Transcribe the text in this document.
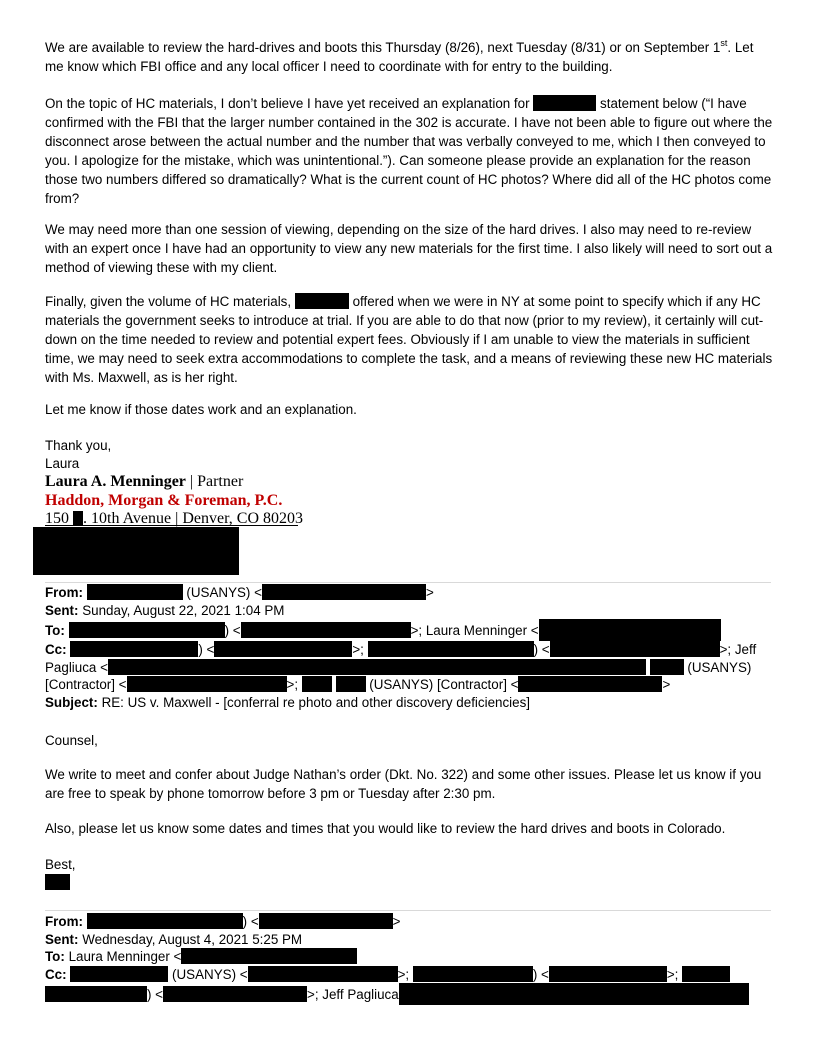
We are available to review the hard-drives and boots this Thursday (8/26), next Tuesday (8/31) or on September 1st. Let me know which FBI office and any local officer I need to coordinate with for entry to the building.

On the topic of HC materials, I don’t believe I have yet received an explanation for	statement below (“I have confirmed with the FBI that the larger number contained in the 302 is accurate. I have not been able to figure out where the disconnect arose between the actual number and the number that was verbally conveyed to me, which I then conveyed to you. I apologize for the mistake, which was unintentional.”). Can someone please provide an explanation for the reason those two numbers differed so dramatically? What is the current count of HC photos? Where did all of the HC photos come from?

We may need more than one session of viewing, depending on the size of the hard drives. I also may need to re-review with an expert once I have had an opportunity to view any new materials for the first time. I also likely will need to sort out a method of viewing these with my client.

Finally, given the volume of HC materials,	offered when we were in NY at some point to specify which if any HC materials the government seeks to introduce at trial. If you are able to do that now (prior to my review), it certainly will cut-down on the time needed to review and potential expert fees. Obviously if I am unable to view the materials in sufficient time, we may need to seek extra accommodations to complete the task, and a means of reviewing these new HC materials with Ms. Maxwell, as is her right.

Let me know if those dates work and an explanation.

Thank you,

Laura

Laura A. Menninger | Partner
Haddon, Morgan & Foreman, P.C.
150 . 10th Avenue | Denver, CO 80203

From:	(USANYS) <	>

Sent: Sunday, August 22, 2021 1:04 PM

To:	) <	>; Laura Menninger <

Cc:	) <	>;	) <	>; Jeff

Pagliuca <	(USANYS)

[Contractor] <	>;	(USANYS) [Contractor] <	>

Subject: RE: US v. Maxwell - [conferral re photo and other discovery deficiencies]

Counsel,

We write to meet and confer about Judge Nathan’s order (Dkt. No. 322) and some other issues. Please let us know if you are free to speak by phone tomorrow before 3 pm or Tuesday after 2:30 pm.

Also, please let us know some dates and times that you would like to review the hard drives and boots in Colorado.

Best,

From:	) <	>

Sent: Wednesday, August 4, 2021 5:25 PM

To: Laura Menninger <

Cc:	(USANYS) <	>;	) <	>;

) <	>; Jeff Pagliuca
